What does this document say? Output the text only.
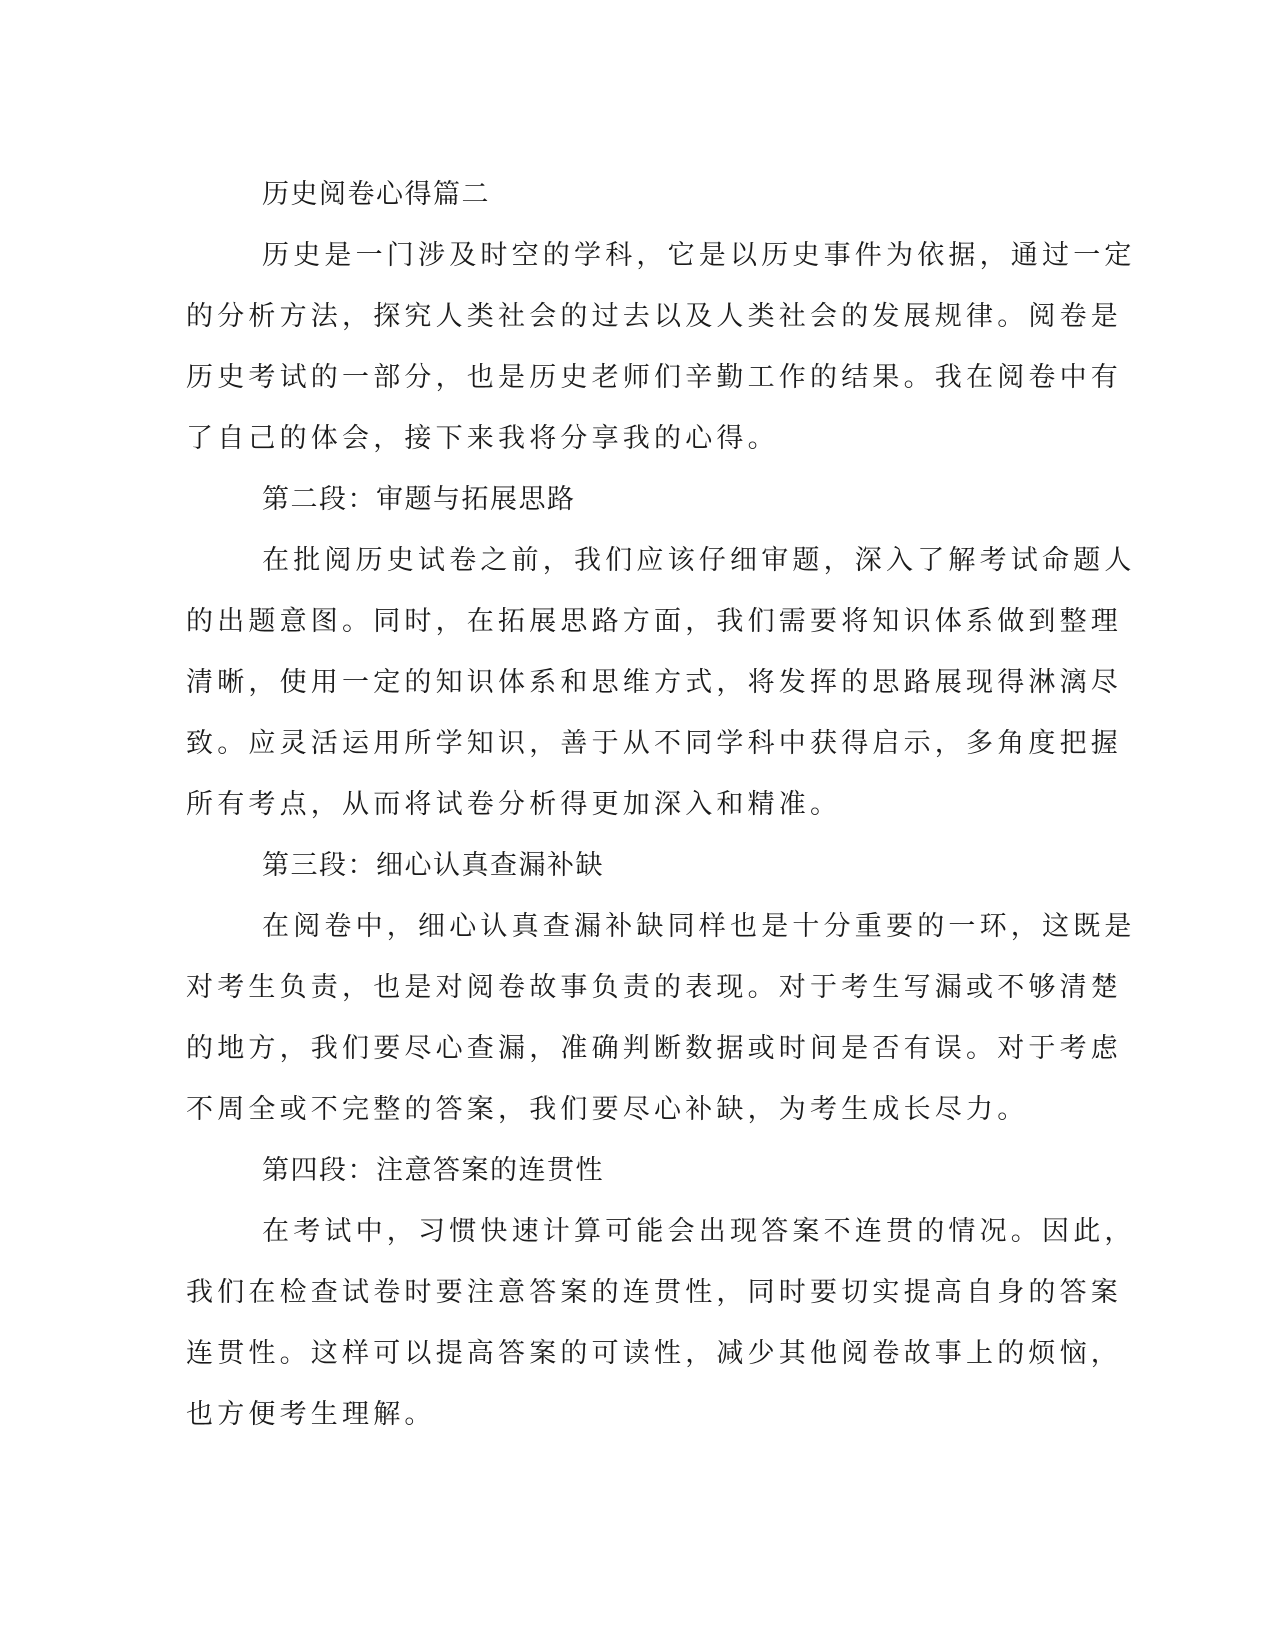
历史阅卷心得篇二
历史是一门涉及时空的学科，它是以历史事件为依据，通过一定
的分析方法，探究人类社会的过去以及人类社会的发展规律。阅卷是
历史考试的一部分，也是历史老师们辛勤工作的结果。我在阅卷中有
了自己的体会，接下来我将分享我的心得。
第二段：审题与拓展思路
在批阅历史试卷之前，我们应该仔细审题，深入了解考试命题人
的出题意图。同时，在拓展思路方面，我们需要将知识体系做到整理
清晰，使用一定的知识体系和思维方式，将发挥的思路展现得淋漓尽
致。应灵活运用所学知识，善于从不同学科中获得启示，多角度把握
所有考点，从而将试卷分析得更加深入和精准。
第三段：细心认真查漏补缺
在阅卷中，细心认真查漏补缺同样也是十分重要的一环，这既是
对考生负责，也是对阅卷故事负责的表现。对于考生写漏或不够清楚
的地方，我们要尽心查漏，准确判断数据或时间是否有误。对于考虑
不周全或不完整的答案，我们要尽心补缺，为考生成长尽力。
第四段：注意答案的连贯性
在考试中，习惯快速计算可能会出现答案不连贯的情况。因此，
我们在检查试卷时要注意答案的连贯性，同时要切实提高自身的答案
连贯性。这样可以提高答案的可读性，减少其他阅卷故事上的烦恼，
也方便考生理解。
